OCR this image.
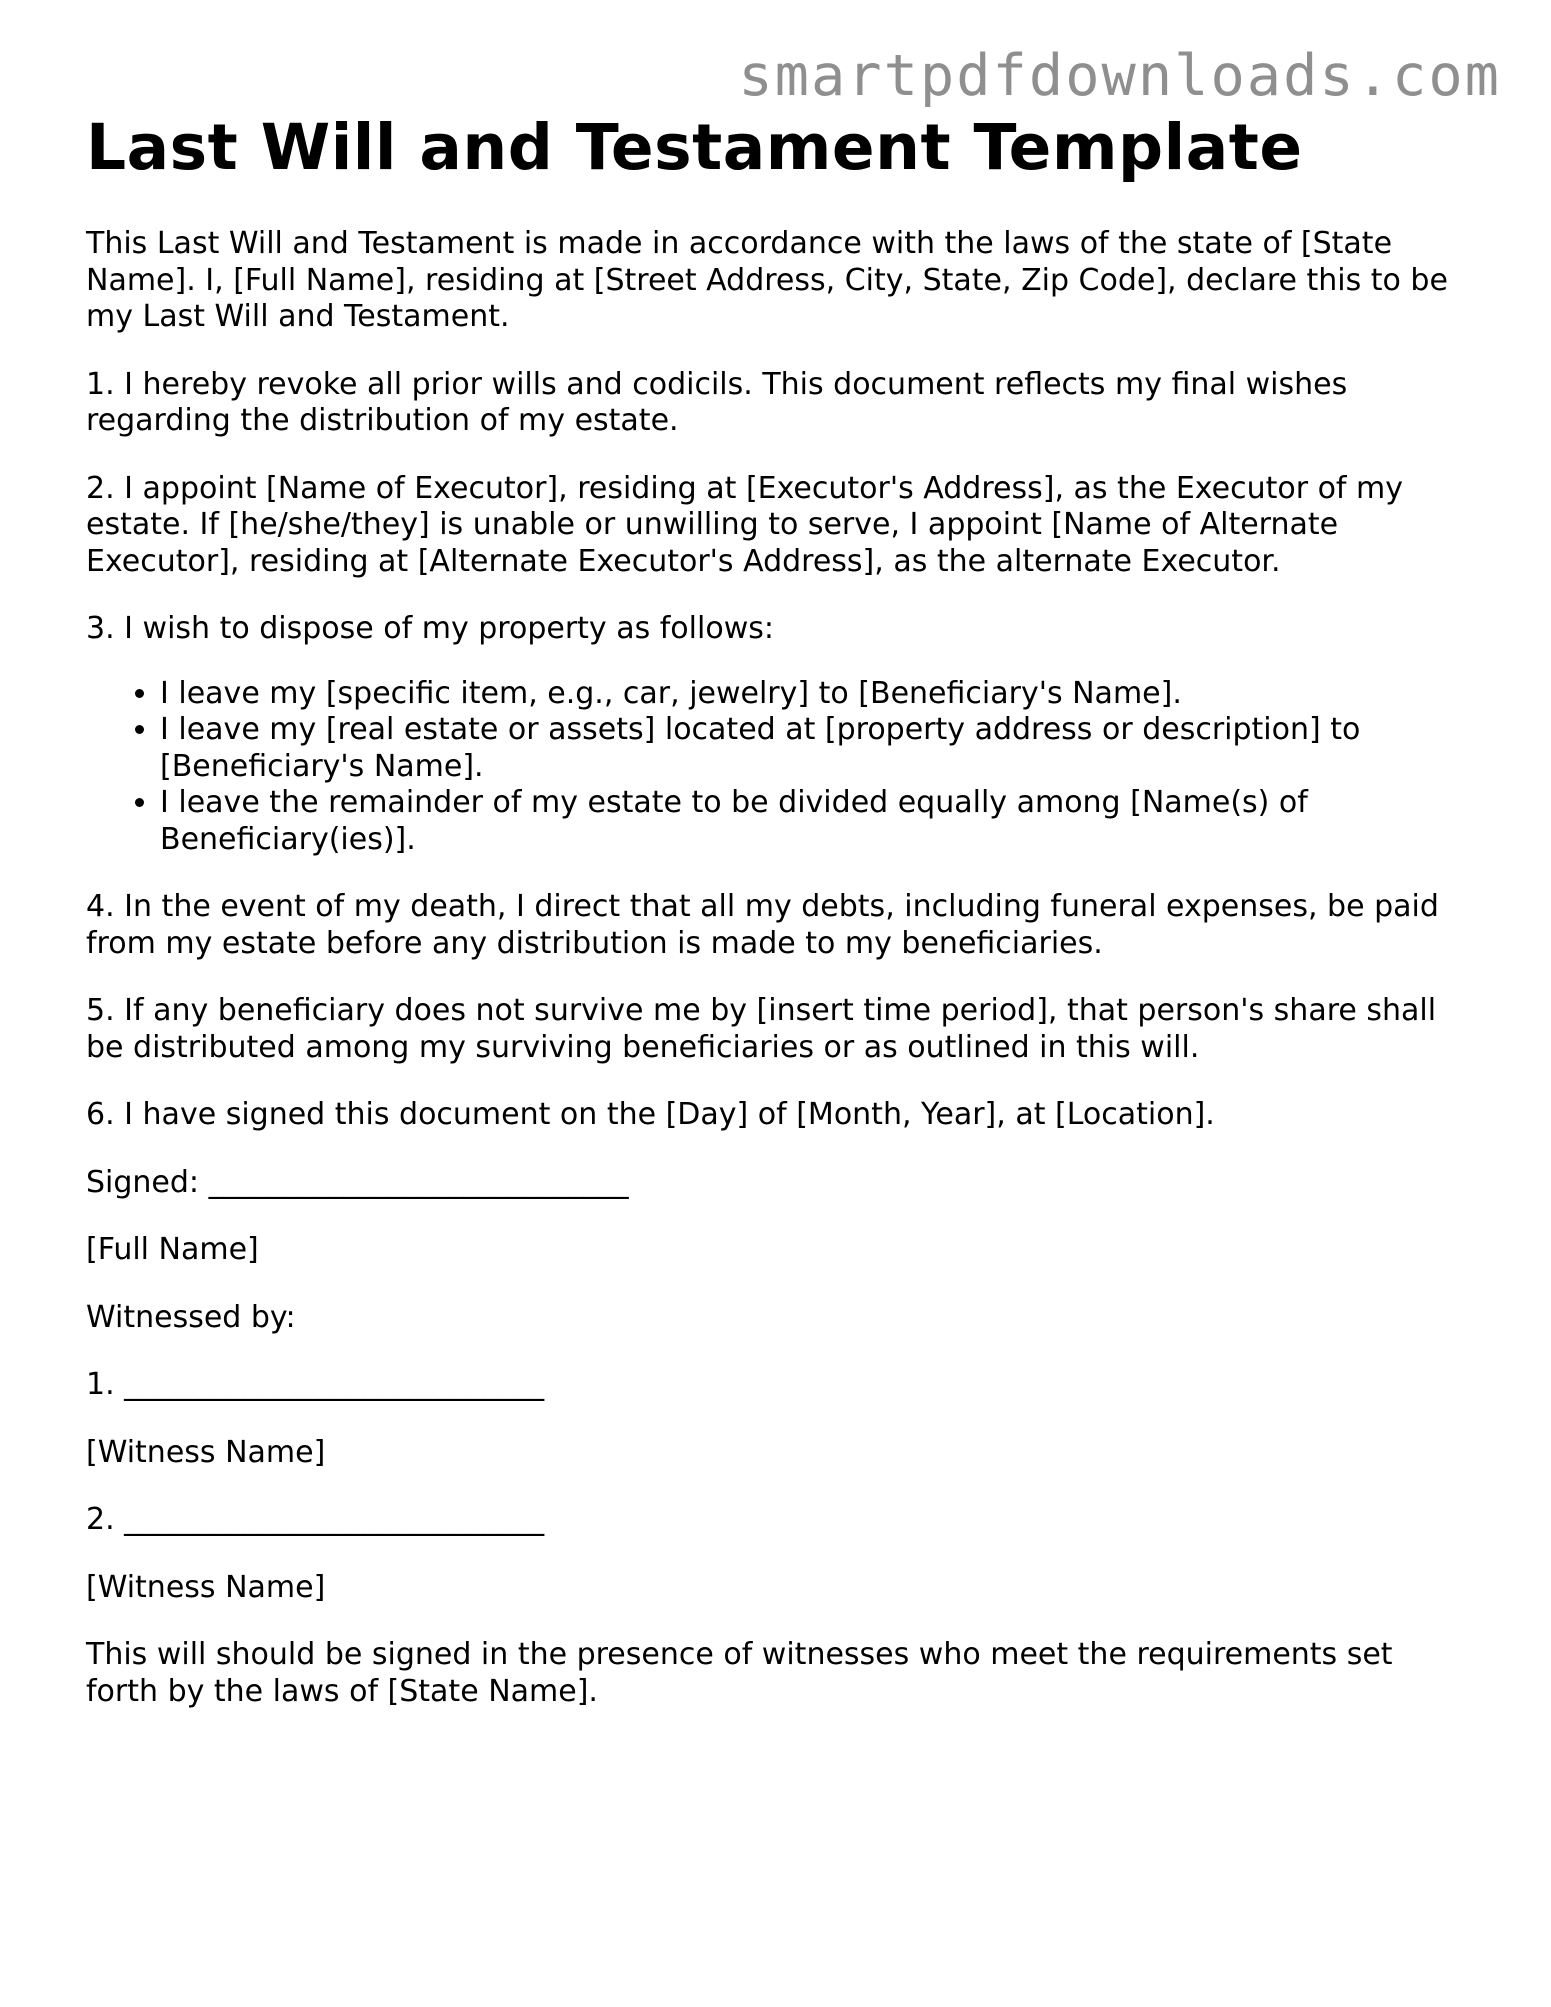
smartpdfdownloads.com
Last Will and Testament Template

This Last Will and Testament is made in accordance with the laws of the state of [State Name]. I, [Full Name], residing at [Street Address, City, State, Zip Code], declare this to be my Last Will and Testament.

1. I hereby revoke all prior wills and codicils. This document reflects my final wishes regarding the distribution of my estate.

2. I appoint [Name of Executor], residing at [Executor's Address], as the Executor of my estate. If [he/she/they] is unable or unwilling to serve, I appoint [Name of Alternate Executor], residing at [Alternate Executor's Address], as the alternate Executor.

3. I wish to dispose of my property as follows:

• I leave my [specific item, e.g., car, jewelry] to [Beneficiary's Name].
• I leave my [real estate or assets] located at [property address or description] to [Beneficiary's Name].
• I leave the remainder of my estate to be divided equally among [Name(s) of Beneficiary(ies)].

4. In the event of my death, I direct that all my debts, including funeral expenses, be paid from my estate before any distribution is made to my beneficiaries.

5. If any beneficiary does not survive me by [insert time period], that person's share shall be distributed among my surviving beneficiaries or as outlined in this will.

6. I have signed this document on the [Day] of [Month, Year], at [Location].

Signed: ____________________________

[Full Name]

Witnessed by:

1. ____________________________

[Witness Name]

2. ____________________________

[Witness Name]

This will should be signed in the presence of witnesses who meet the requirements set forth by the laws of [State Name].
